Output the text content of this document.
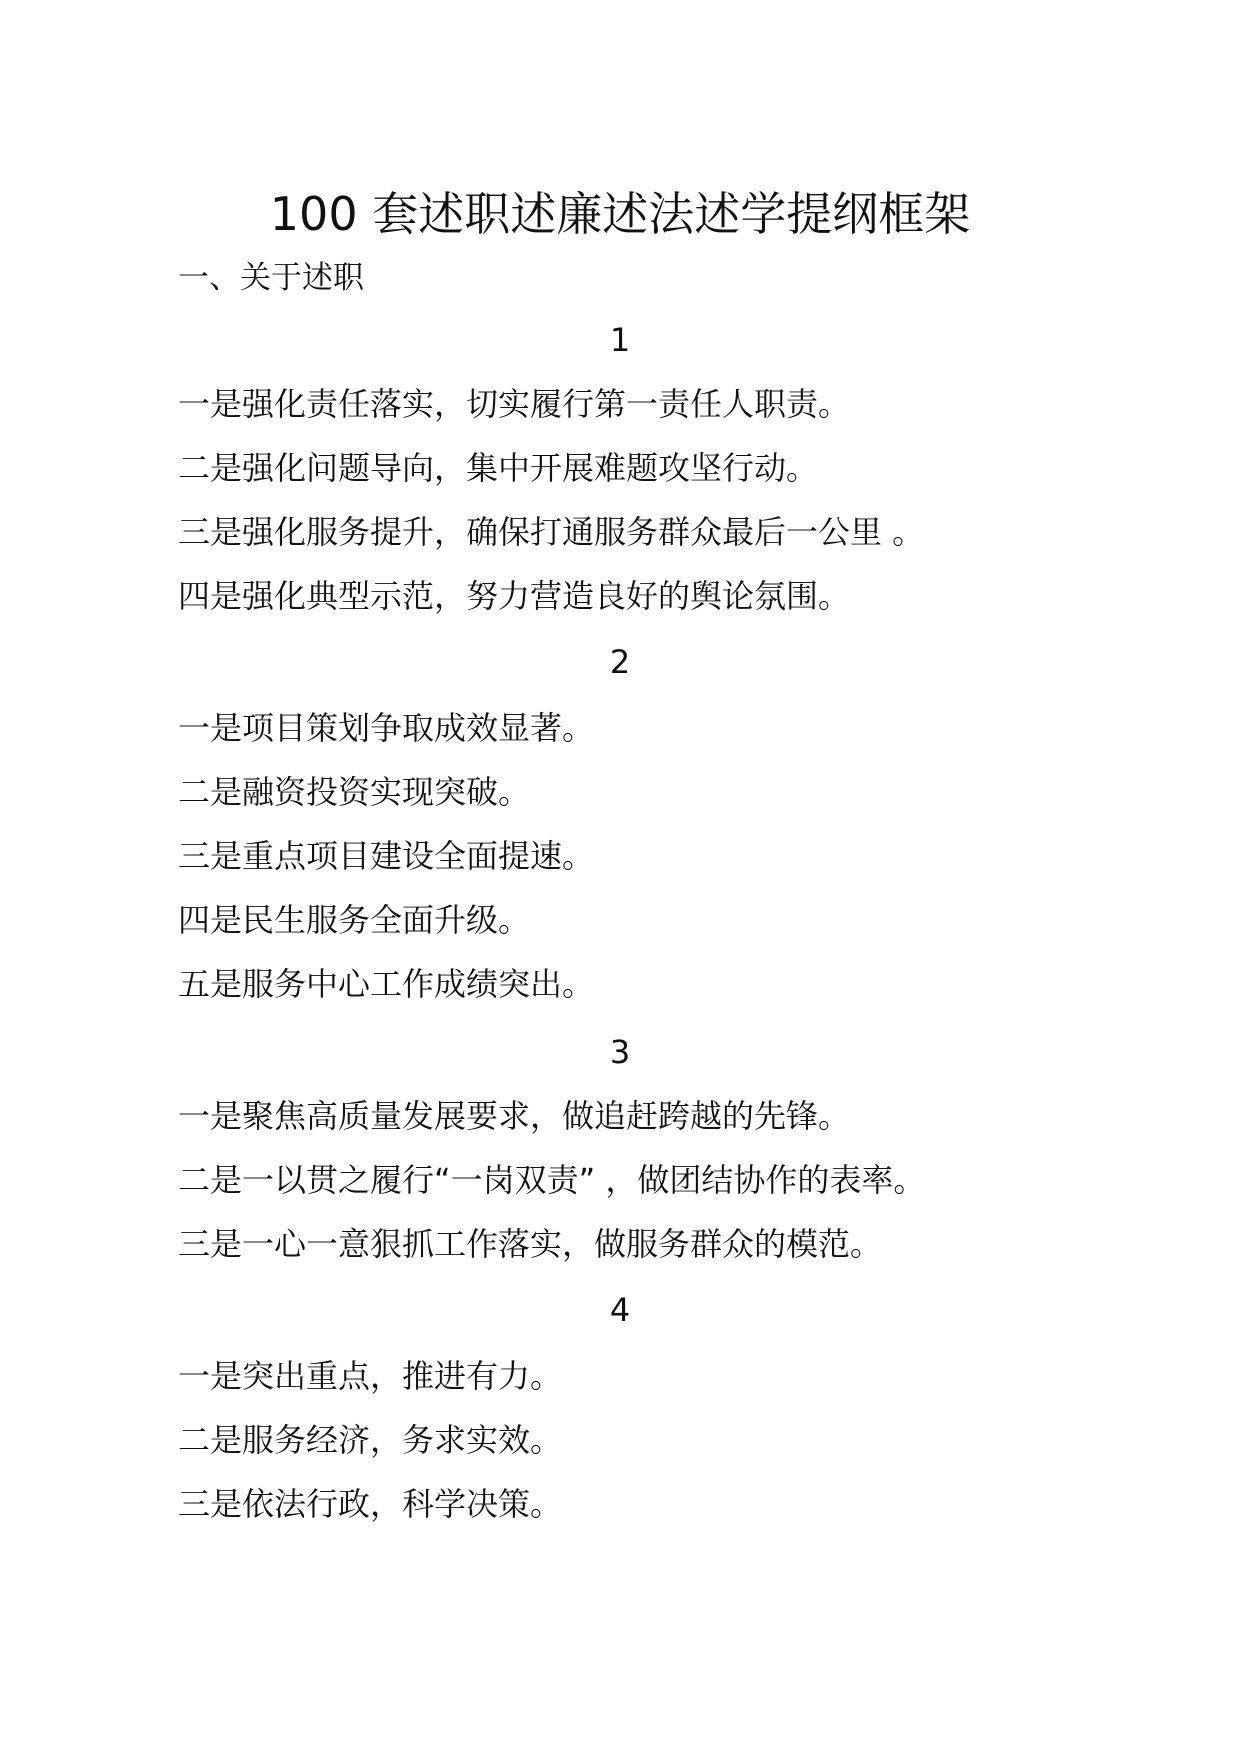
100 套述职述廉述法述学提纲框架
一、关于述职
1
一是强化责任落实，切实履行第一责任人职责。
二是强化问题导向，集中开展难题攻坚行动。
三是强化服务提升，确保打通服务群众最后一公里 。
四是强化典型示范，努力营造良好的舆论氛围。
2
一是项目策划争取成效显著。
二是融资投资实现突破。
三是重点项目建设全面提速。
四是民生服务全面升级。
五是服务中心工作成绩突出。
3
一是聚焦高质量发展要求，做追赶跨越的先锋。
二是一以贯之履行“一岗双责” ，做团结协作的表率。
三是一心一意狠抓工作落实，做服务群众的模范。
4
一是突出重点，推进有力。
二是服务经济，务求实效。
三是依法行政，科学决策。
